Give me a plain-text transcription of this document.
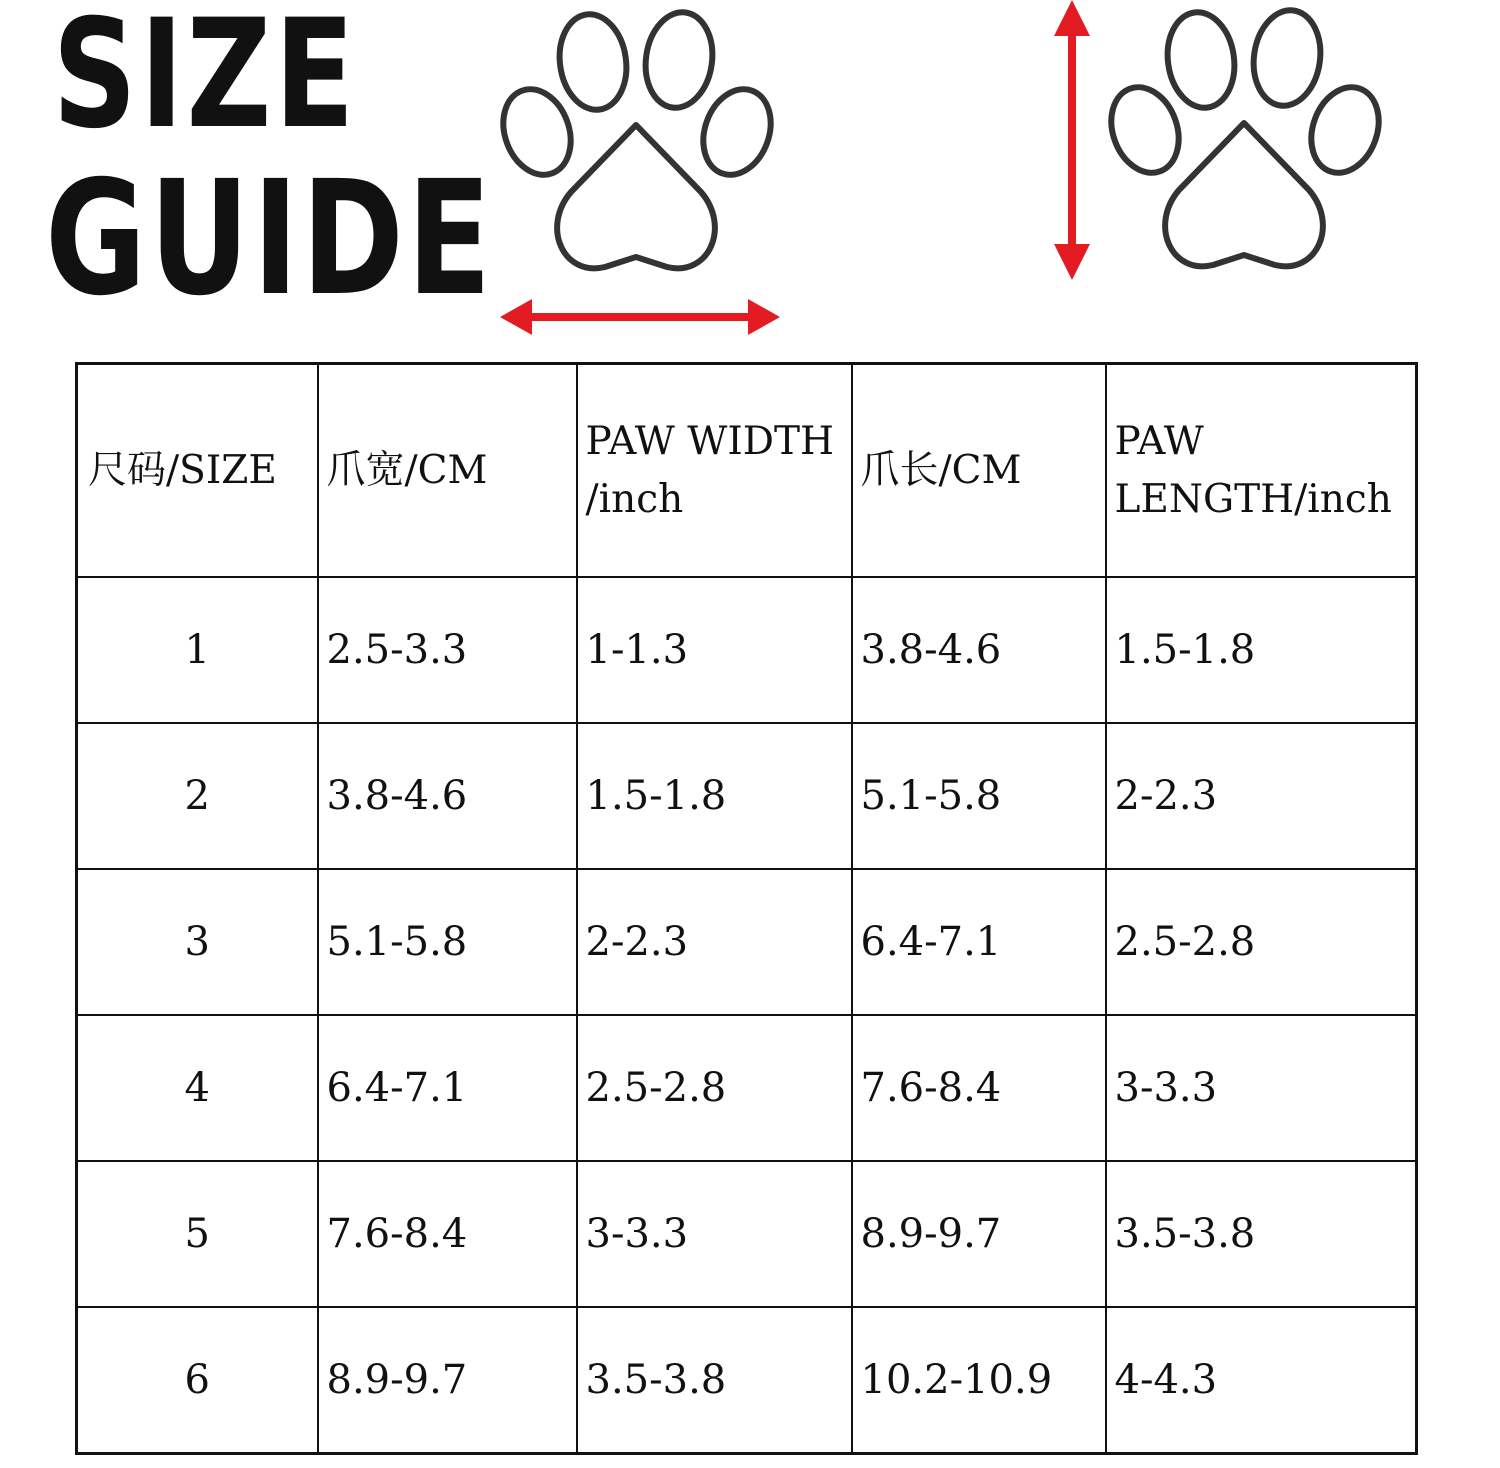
SIZE
GUIDE
尺码/SIZE	爪宽/CM	PAW WIDTH /inch	爪长/CM	PAW LENGTH/inch
1	2.5-3.3	1-1.3	3.8-4.6	1.5-1.8
2	3.8-4.6	1.5-1.8	5.1-5.8	2-2.3
3	5.1-5.8	2-2.3	6.4-7.1	2.5-2.8
4	6.4-7.1	2.5-2.8	7.6-8.4	3-3.3
5	7.6-8.4	3-3.3	8.9-9.7	3.5-3.8
6	8.9-9.7	3.5-3.8	10.2-10.9	4-4.3
